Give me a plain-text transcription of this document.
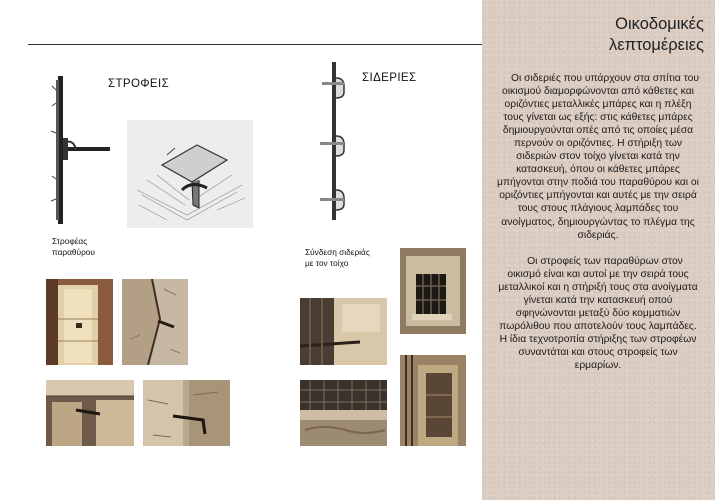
Οικοδομικές
λεπτομέρειες

Οι σιδεριές που υπάρχουν στα σπίτια του οικισμού διαμορφώνονται από κάθετες και οριζόντιες μεταλλικές μπάρες και η πλέξη τους γίνεται ως εξής: στις κάθετες μπάρες δημιουργούνται οπές από τις οποίες μέσα περνούν οι οριζόντιες. Η στήριξη των σιδεριών στον τοίχο γίνεται κατά την κατασκευή, όπου οι κάθετες μπάρες μπήγονται στην ποδιά του παραθύρου και οι οριζόντιες μπήγονται και αυτές με την σειρά τους στους πλάγιους λαμπάδες του ανοίγματος, δημιουργώντας το πλέγμα της σιδεριάς.

Οι στροφείς των παραθύρων στον οικισμό είναι και αυτοί με την σειρά τους μεταλλικοί και η στήριξή τους στα ανοίγματα γίνεται κατά την κατασκευή οπού σφηνώνονται μεταξύ δύο κομματιών πωρόλιθου που αποτελούν τους λαμπάδες. Η ίδια τεχνοτροπία στήριξης των στροφέων συναντάται και στους στροφείς των ερμαρίων.

ΣΤΡΟΦΕΙΣ
Στροφέας
παραθύρου
ΣΙΔΕΡΙΕΣ
Σύνδεση σιδεριάς
με τον τοίχο
